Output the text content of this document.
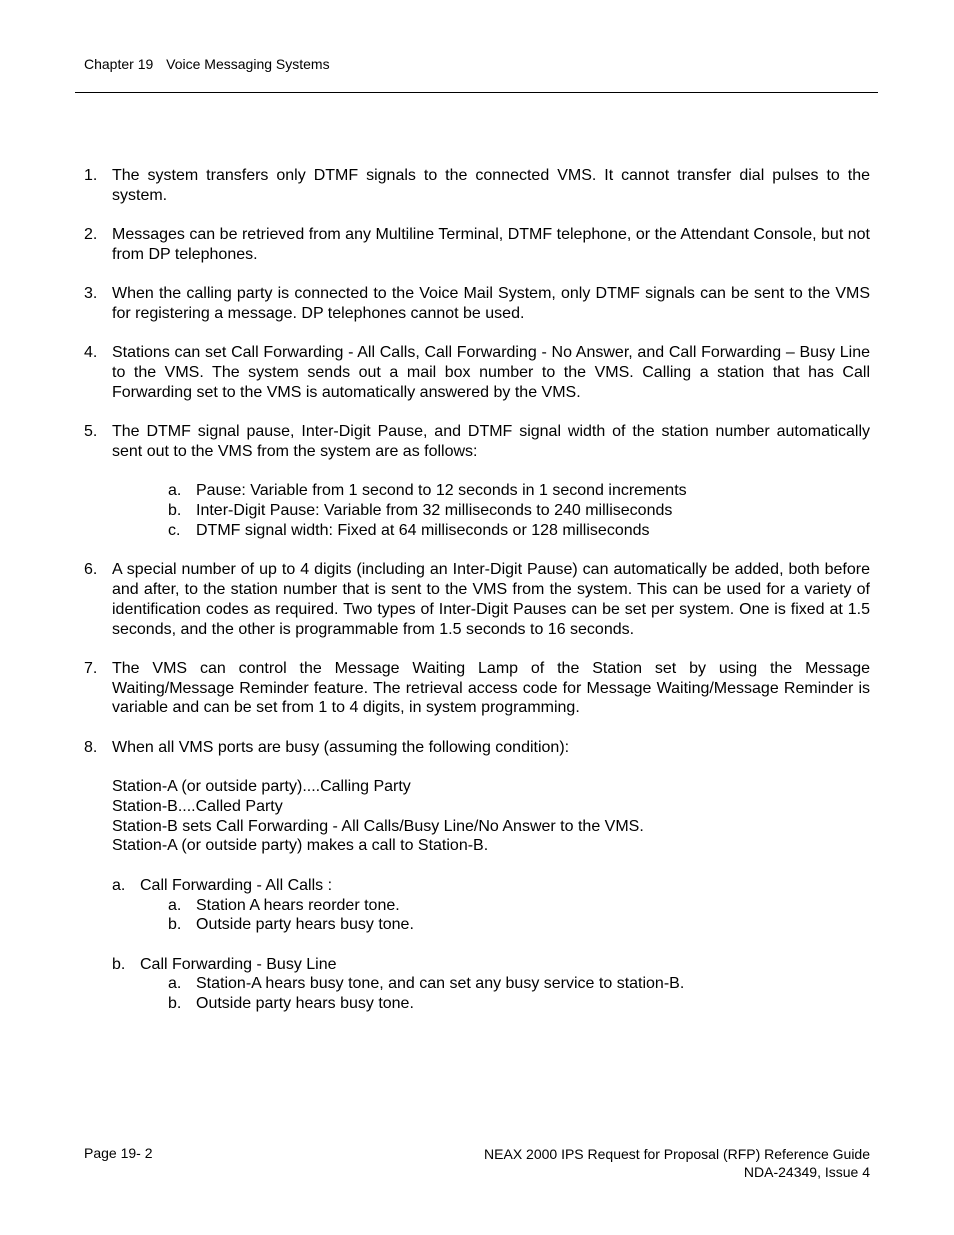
Chapter 19 Voice Messaging Systems
1. The system transfers only DTMF signals to the connected VMS. It cannot transfer dial pulses to the system.
2. Messages can be retrieved from any Multiline Terminal, DTMF telephone, or the Attendant Console, but not from DP telephones.
3. When the calling party is connected to the Voice Mail System, only DTMF signals can be sent to the VMS for registering a message. DP telephones cannot be used.
4. Stations can set Call Forwarding - All Calls, Call Forwarding - No Answer, and Call Forwarding – Busy Line to the VMS. The system sends out a mail box number to the VMS. Calling a station that has Call Forwarding set to the VMS is automatically answered by the VMS.
5. The DTMF signal pause, Inter-Digit Pause, and DTMF signal width of the station number automatically sent out to the VMS from the system are as follows:
a. Pause: Variable from 1 second to 12 seconds in 1 second increments
b. Inter-Digit Pause: Variable from 32 milliseconds to 240 milliseconds
c. DTMF signal width: Fixed at 64 milliseconds or 128 milliseconds
6. A special number of up to 4 digits (including an Inter-Digit Pause) can automatically be added, both before and after, to the station number that is sent to the VMS from the system. This can be used for a variety of identification codes as required. Two types of Inter-Digit Pauses can be set per system. One is fixed at 1.5 seconds, and the other is programmable from 1.5 seconds to 16 seconds.
7. The VMS can control the Message Waiting Lamp of the Station set by using the Message Waiting/Message Reminder feature. The retrieval access code for Message Waiting/Message Reminder is variable and can be set from 1 to 4 digits, in system programming.
8. When all VMS ports are busy (assuming the following condition):
Station-A (or outside party)....Calling Party
Station-B....Called Party
Station-B sets Call Forwarding - All Calls/Busy Line/No Answer to the VMS.
Station-A (or outside party) makes a call to Station-B.
a. Call Forwarding - All Calls :
a. Station A hears reorder tone.
b. Outside party hears busy tone.
b. Call Forwarding - Busy Line
a. Station-A hears busy tone, and can set any busy service to station-B.
b. Outside party hears busy tone.
Page 19- 2	NEAX 2000 IPS Request for Proposal (RFP) Reference Guide
NDA-24349, Issue 4
